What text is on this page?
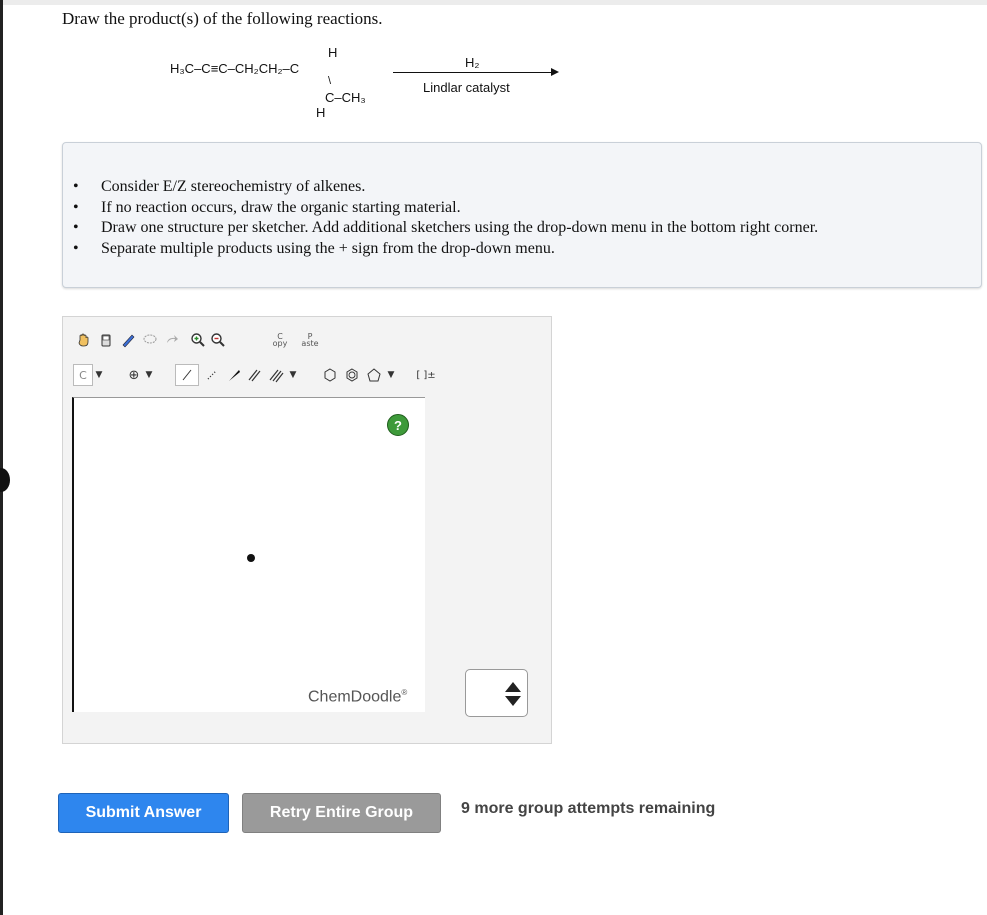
Draw the product(s) of the following reactions.
H
H₃C–C≡C–CH₂CH₂–C
\
C–CH₃
H
H₂
Lindlar catalyst
• Consider E/Z stereochemistry of alkenes.
• If no reaction occurs, draw the organic starting material.
• Draw one structure per sketcher. Add additional sketchers using the drop-down menu in the bottom right corner.
• Separate multiple products using the + sign from the drop-down menu.
C
opy
P
aste
C ▼	⊕ ▼	▼	▼	[ ]±
?
ChemDoodle®
Submit Answer	Retry Entire Group	9 more group attempts remaining
